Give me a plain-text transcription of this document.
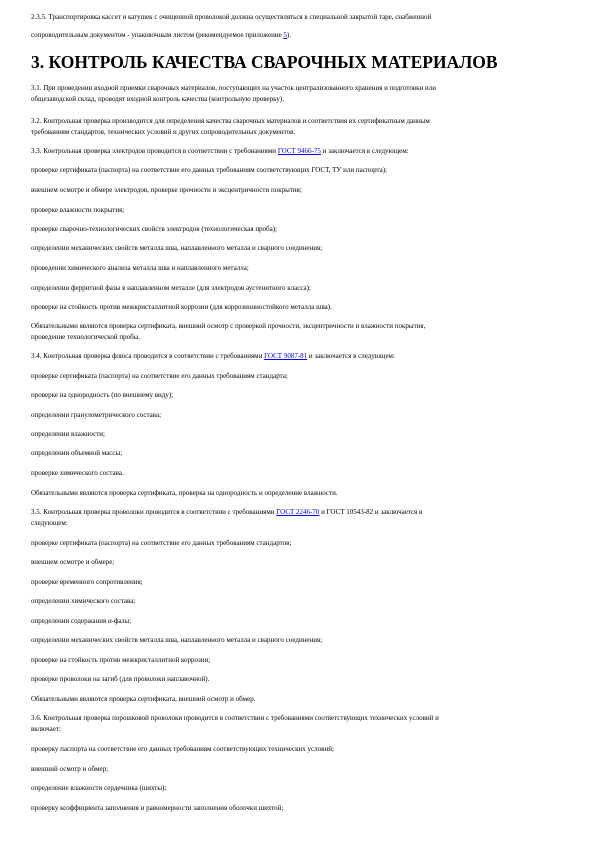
2.3.5. Транспортировка кассет и катушек с очищенной проволокой должна осуществляться в специальной закрытой таре, снабженной
сопроводительным документом - упаковочным листом (рекомендуемое приложение 5).
3. КОНТРОЛЬ КАЧЕСТВА СВАРОЧНЫХ МАТЕРИАЛОВ
3.1. При проведении входной приемки сварочных материалов, поступающих на участок централизованного хранения и подготовки или
общезаводской склад, проводят входной контроль качества (контрольную проверку).
3.2. Контрольная проверка производится для определения качества сварочных материалов и соответствия их сертификатным данным
требованиям стандартов, технических условий и других сопроводительных документов.
3.3. Контрольная проверка электродов проводится в соответствии с требованиями ГОСТ 9466-75 и заключается в следующем:
проверке сертификата (паспорта) на соответствие его данных требованиям соответствующих ГОСТ, ТУ или паспорта);
внешнем осмотре и обмере электродов, проверке прочности и эксцентричности покрытия;
проверке влажности покрытия;
проверке сварочно-технологических свойств электродов (технологическая проба);
определении механических свойств металла шва, наплавленного металла и сварного соединения;
проведении химического анализа металла шва и наплавленного металла;
определении ферритной фазы в наплавленном металле (для электродов аустенитного класса);
проверке на стойкость против межкристаллитной коррозии (для коррозионностойкого металла шва).
Обязательными являются проверка сертификата, внешний осмотр с проверкой прочности, эксцентричности и влажности покрытия,
проведение технологической пробы.
3.4. Контрольная проверка флюса проводится в соответствии с требованиями ГОСТ 9087-81 и заключается в следующем:
проверке сертификата (паспорта) на соответствие его данных требованиям стандарта;
проверке на однородность (по внешнему виду);
определении гранулометрического состава;
определении влажности;
определении объемной массы;
проверке химического состава.
Обязательными являются проверка сертификата, проверка на однородность и определение влажности.
3.5. Контрольная проверка проволоки проводится в соответствии с требованиями ГОСТ 2246-70 и ГОСТ 10543-82 и заключается в
следующем:
проверке сертификата (паспорта) на соответствие его данных требованиям стандартов;
внешнем осмотре и обмере;
проверке временного сопротивления;
определении химического состава;
определении содержания α-фазы;
определении механических свойств металла шва, наплавленного металла и сварного соединения;
проверке на стойкость против межкристаллитной коррозии;
проверке проволоки на загиб (для проволоки наплавочной).
Обязательными являются проверка сертификата, внешний осмотр и обмер.
3.6. Контрольная проверка порошковой проволоки проводится в соответствии с требованиями соответствующих технических условий и
включает:
проверку паспорта на соответствие его данных требованиям соответствующих технических условий;
внешний осмотр и обмер;
определение влажности сердечника (шихты);
проверку коэффициента заполнения и равномерности заполнения оболочки шихтой;
